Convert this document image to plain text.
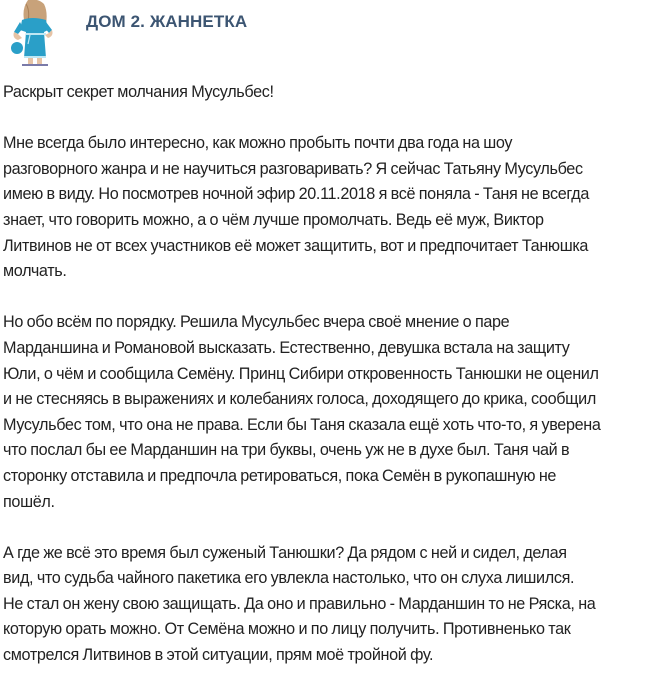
ДОМ 2. ЖАННЕТКА

Раскрыт секрет молчания Мусульбес!

Мне всегда было интересно, как можно пробыть почти два года на шоу
разговорного жанра и не научиться разговаривать? Я сейчас Татьяну Мусульбес
имею в виду. Но посмотрев ночной эфир 20.11.2018 я всё поняла - Таня не всегда
знает, что говорить можно, а о чём лучше промолчать. Ведь её муж, Виктор
Литвинов не от всех участников её может защитить, вот и предпочитает Танюшка
молчать.

Но обо всём по порядку. Решила Мусульбес вчера своё мнение о паре
Марданшина и Романовой высказать. Естественно, девушка встала на защиту
Юли, о чём и сообщила Семёну. Принц Сибири откровенность Танюшки не оценил
и не стесняясь в выражениях и колебаниях голоса, доходящего до крика, сообщил
Мусульбес том, что она не права. Если бы Таня сказала ещё хоть что-то, я уверена
что послал бы ее Марданшин на три буквы, очень уж не в духе был. Таня чай в
сторонку отставила и предпочла ретироваться, пока Семён в рукопашную не
пошёл.

А где же всё это время был суженый Танюшки? Да рядом с ней и сидел, делая
вид, что судьба чайного пакетика его увлекла настолько, что он слуха лишился.
Не стал он жену свою защищать. Да оно и правильно - Марданшин то не Ряска, на
которую орать можно. От Семёна можно и по лицу получить. Противненько так
смотрелся Литвинов в этой ситуации, прям моё тройной фу.
